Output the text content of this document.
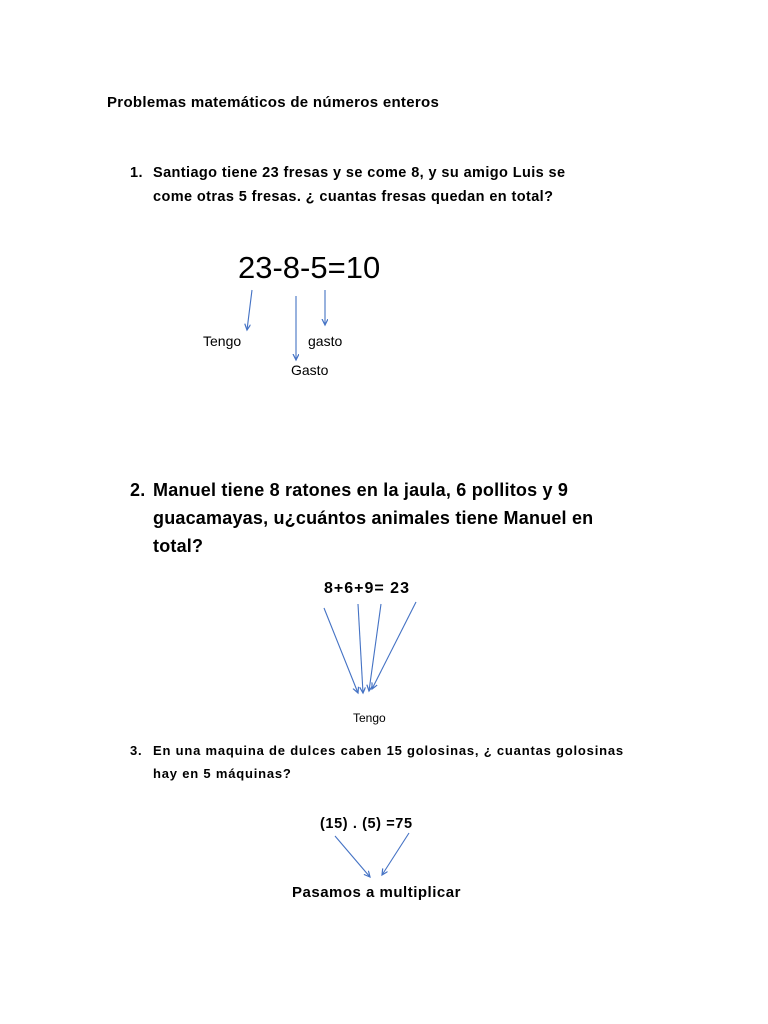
Problemas matemáticos de números enteros
1. Santiago tiene 23 fresas y se come 8, y su amigo Luis se
come otras 5 fresas. ¿ cuantas fresas quedan en total?
23-8-5=10
Tengo	gasto
Gasto
2. Manuel tiene 8 ratones en la jaula, 6 pollitos y 9
guacamayas, u¿cuántos animales tiene Manuel en
total?
8+6+9= 23
Tengo
3. En una maquina de dulces caben 15 golosinas, ¿ cuantas golosinas
hay en 5 máquinas?
(15) . (5) =75
Pasamos a multiplicar
